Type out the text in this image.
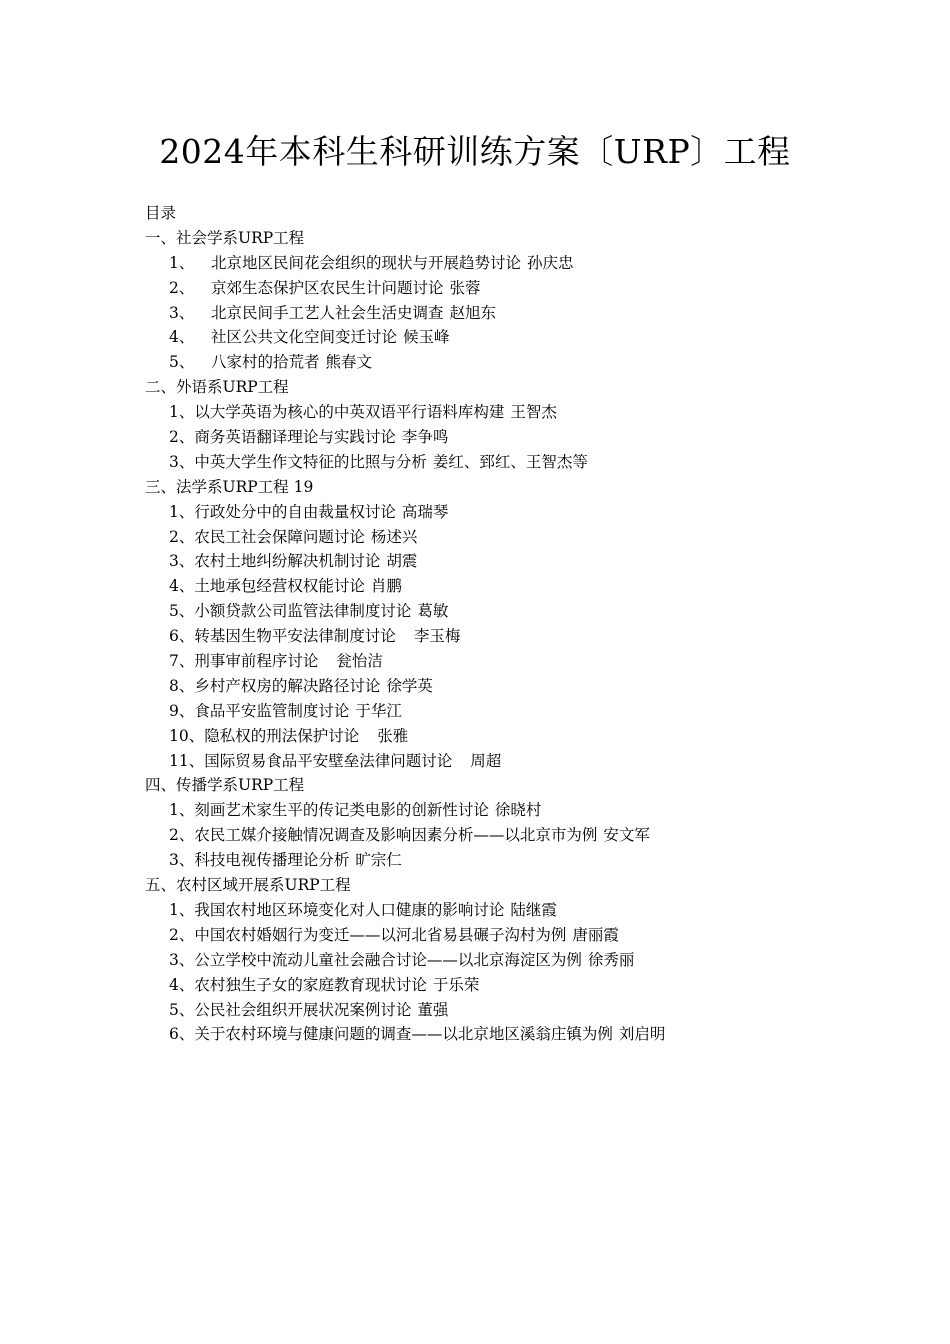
2024年本科生科研训练方案〔URP〕工程
目录
一、社会学系URP工程
1、 北京地区民间花会组织的现状与开展趋势讨论 孙庆忠
2、 京郊生态保护区农民生计问题讨论 张蓉
3、 北京民间手工艺人社会生活史调查 赵旭东
4、 社区公共文化空间变迁讨论 候玉峰
5、 八家村的拾荒者 熊春文
二、外语系URP工程
1、以大学英语为核心的中英双语平行语料库构建 王智杰
2、商务英语翻译理论与实践讨论 李争鸣
3、中英大学生作文特征的比照与分析 姜红、郅红、王智杰等
三、法学系URP工程 19
1、行政处分中的自由裁量权讨论 高瑞琴
2、农民工社会保障问题讨论 杨述兴
3、农村土地纠纷解决机制讨论 胡震
4、土地承包经营权权能讨论 肖鹏
5、小额贷款公司监管法律制度讨论 葛敏
6、转基因生物平安法律制度讨论 李玉梅
7、刑事审前程序讨论 瓮怡洁
8、乡村产权房的解决路径讨论 徐学英
9、食品平安监管制度讨论 于华江
10、隐私权的刑法保护讨论 张雅
11、国际贸易食品平安壁垒法律问题讨论 周超
四、传播学系URP工程
1、刻画艺术家生平的传记类电影的创新性讨论 徐晓村
2、农民工媒介接触情况调查及影响因素分析——以北京市为例 安文军
3、科技电视传播理论分析 旷宗仁
五、农村区域开展系URP工程
1、我国农村地区环境变化对人口健康的影响讨论 陆继霞
2、中国农村婚姻行为变迁——以河北省易县碾子沟村为例 唐丽霞
3、公立学校中流动儿童社会融合讨论——以北京海淀区为例 徐秀丽
4、农村独生子女的家庭教育现状讨论 于乐荣
5、公民社会组织开展状况案例讨论 董强
6、关于农村环境与健康问题的调查——以北京地区溪翁庄镇为例 刘启明
